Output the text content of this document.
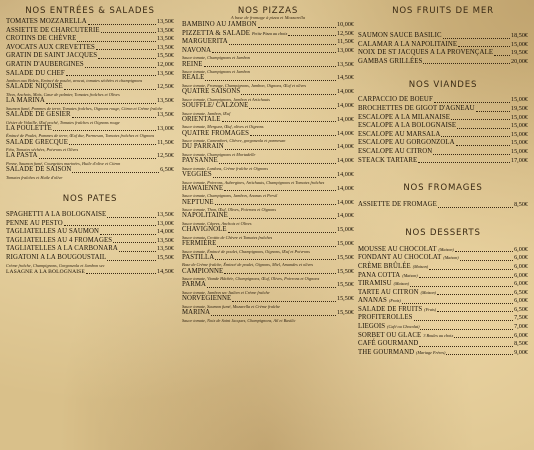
NOS ENTRÉES & SALADES
TOMATES MOZZARELLA	13,50€
ASSIETTE DE CHARCUTERIE	13,50€
CROTINS DE CHÈVRE	13,50€
AVOCATS AUX CREVETTES	13,50€
GRATIN DE SAINT JACQUES	15,50€
GRATIN D'AUBERGINES	12,00€
SALADE DU CHEF	13,50€
Jambon aux Bolets, Emincé de poulet, avocat, tomates séchées et champignons
SALADE NIÇOISE	12,50€
Thon, Anchois, Maïs, Cœur de palmier, Tomates fraîches et Olives
LA MARINA	13,50€
Saumon fumé, Pommes de terre, Tomates fraîches, Oignons rouge, Citron et Crème fraîche
SALADE DE GESIER	13,50€
Gésier de Volaille, Œuf poché, Tomates fraîches et Oignons rouge
LA POULETTE	13,00€
Émincé de Poulet, Pommes de terre, Œuf dur, Parmesan, Tomates fraîches et Oignons
SALADE GRECQUE	11,50€
Féta, Tomates séchées, Poivrons et Olives
LA PASTA	12,50€
Penne, Saumon fumé, Courgettes marinées, Huile d'olive et Citron
SALADE DE SAISON	6,50€
Tomates fraîches et Huile d'olive
NOS PATES
SPAGHETTI A LA BOLOGNAISE	13,50€
PENNE AU PESTO	13,00€
TAGLIATELLES AU SAUMON	14,00€
TAGLIATELLES AU 4 FROMAGES	13,50€
TAGLIATELLES A LA CARBONARA	13,50€
RIGATONI A LA BOUGOUSTAIL	15,50€
Crème fraîche, Champignons, Gorgonzola et Jambon sec
LASAGNE A LA BOLOGNAISE	14,50€
NOS PIZZAS
A base de fromage à pizza et Mozzarella
BAMBINO AU JAMBON	10,00€
PIZZETTA & SALADE Petite Pizza au choix	12,50€
MARGUERITA	11,50€
NAVONA	13,00€
Sauce tomate, Champignons et Jambon
REINE	13,50€
Sauce tomate, Champignons et Jambon
REALE	14,50€
Sauce tomate, Fromage, Champignons, Jambon, Oignons, Œuf et olives
QUATRE SAISONS	14,00€
Sauce tomate, Champignons, Jambon et Artichauts
SOUFFLE/ CALZONE	14,00€
Sauce tomate, Jambon, Œuf
ORIENTALE	14,00€
Sauce tomate, Merguez, Œuf, olives et Oignons
QUATRE FROMAGES	14,00€
Sauce tomate, Camembert, Chèvre, gorgonzola et parmesan
DU PARRAIN	14,00€
Sauce tomate, Champignons et Mortadelle
PAYSANNE	14,00€
Sauce tomate, Lardons, Crème fraîche et Oignons
VEGGIES	14,00€
Sauce tomate, Poivrons, Aubergines, Artichauts, Champignons et Tomates fraîches
HAWAIENNE	14,00€
Sauce tomate, Champignons, Jambon, Ananas et Persil
NEPTUNE	14,00€
Sauce tomate, Thon, Œuf, Olives, Poivrons et Oignons
NAPOLITAINE	14,00€
Sauce tomate, Câpres, Anchois et Olives
CHAVIGNOLE	15,00€
Sauce tomate, Crottin de Chèvre et Tomates fraîches
FERMIÈRE	15,00€
Sauce tomate, Émincé de poulet, Champignons, Oignons, Œuf et Poivrons
PASTILLA	15,50€
Base de Crème fraîche, Émincé de poulet, Oignons, Miel, Amandes et olives
CAMPIONNE	15,50€
Sauce tomate, Viande Hâchée, Champignons, Œuf, Olives, Poivrons et Oignons
PARMA	15,50€
Sauce tomate, Jambon sec Italien et Crème fraîche
NORVEGIENNE	15,50€
Sauce tomate, Saumon fumé, Mozarella et Crème fraîche
MARINA	15,50€
Sauce tomate, Noix de Saint Jacques, Champignons, Ail et Basilic
NOS FRUITS DE MER
SAUMON SAUCE BASILIC	18,50€
CALAMAR A LA NAPOLITAINE	15,00€
NOIX DE ST JACQUES A LA PROVENÇALE	19,50€
GAMBAS GRILLÉES	20,00€
NOS VIANDES
CARPACCIO DE BOEUF	15,00€
BROCHETTES DE GIGOT D'AGNEAU	19,50€
ESCALOPE A LA MILANAISE	15,00€
ESCALOPE A LA BOLOGNAISE	15,00€
ESCALOPE AU MARSALA	15,00€
ESCALOPE AU GORGONZOLA	15,00€
ESCALOPE AU CITRON	15,00€
STEACK TARTARE	17,00€
NOS FROMAGES
ASSIETTE DE FROMAGE	8,50€
NOS DESSERTS
MOUSSE AU CHOCOLAT (Maison)	6,00€
FONDANT AU CHOCOLAT (Maison)	6,00€
CRÈME BRÛLÉE (Maison)	6,00€
PANA COTTA (Maison)	6,00€
TIRAMISU (Maison)	6,00€
TARTE AU CITRON (Maison)	6,50€
ANANAS (Frais)	6,00€
SALADE DE FRUITS (Frais)	6,50€
PROFITEROLLES	7,50€
LIEGOIS (Café ou Chocolat)	7,00€
SORBET OU GLACE 3 Boules au choix	6,00€
CAFÉ GOURMAND	8,50€
THE GOURMAND (Mariage Frères)	9,00€
